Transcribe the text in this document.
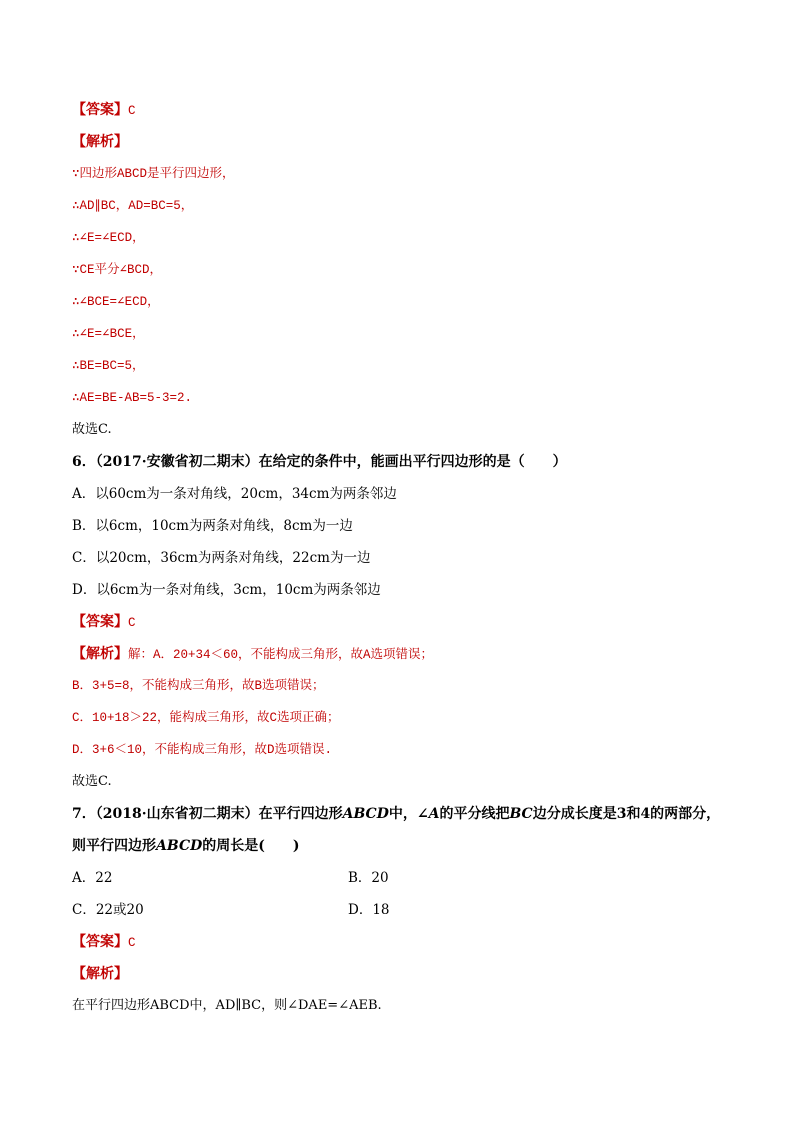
【答案】C
【解析】
∵四边形ABCD是平行四边形，
∴AD∥BC，AD=BC=5，
∴∠E=∠ECD，
∵CE平分∠BCD，
∴∠BCE=∠ECD，
∴∠E=∠BCE，
∴BE=BC=5，
∴AE=BE-AB=5-3=2.
故选C.
6．（2017·安徽省初二期末）在给定的条件中，能画出平行四边形的是（　　）
A．以60cm为一条对角线，20cm，34cm为两条邻边
B．以6cm，10cm为两条对角线，8cm为一边
C．以20cm，36cm为两条对角线，22cm为一边
D．以6cm为一条对角线，3cm，10cm为两条邻边
【答案】C
【解析】解：A．20+34＜60，不能构成三角形，故A选项错误；
B．3+5=8，不能构成三角形，故B选项错误；
C．10+18＞22，能构成三角形，故C选项正确；
D．3+6＜10，不能构成三角形，故D选项错误.
故选C.
7．（2018·山东省初二期末）在平行四边形ABCD中，∠A的平分线把BC边分成长度是3和4的两部分，
则平行四边形ABCD的周长是(　　)
A．22	B．20
C．22或20	D．18
【答案】C
【解析】
在平行四边形ABCD中，AD∥BC，则∠DAE=∠AEB.
